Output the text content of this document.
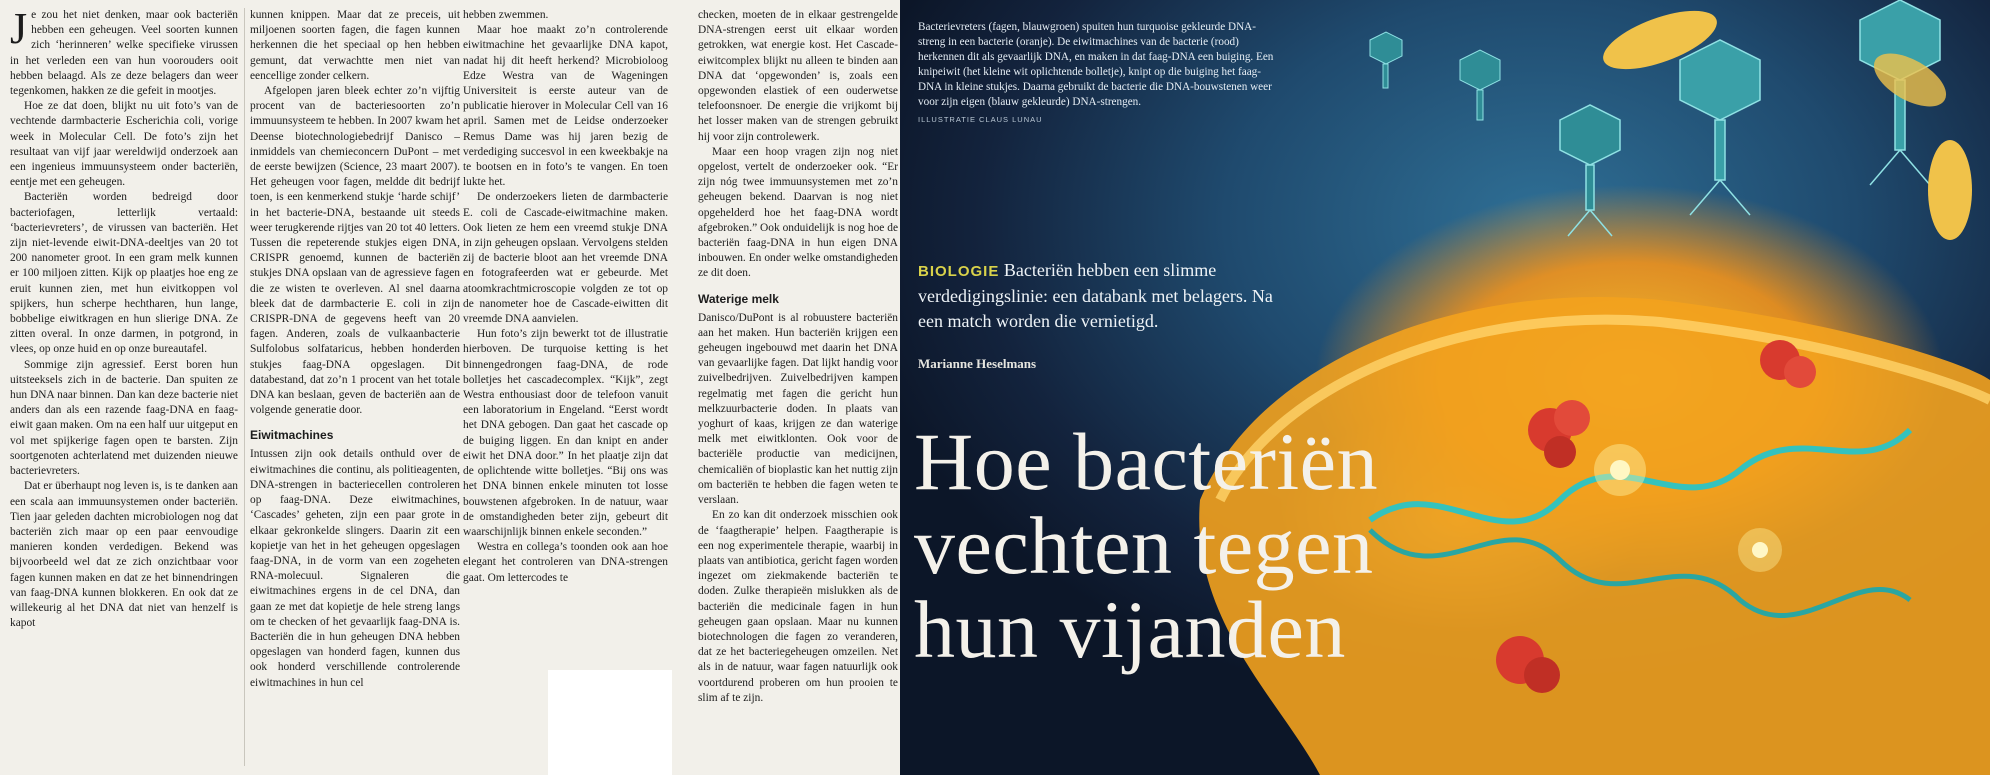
Je zou het niet denken, maar ook bacteriën hebben een geheugen. Veel soorten kunnen zich ‘herinneren’ welke specifieke virussen in het verleden een van hun voorouders ooit hebben belaagd. Als ze deze belagers dan weer tegenkomen, hakken ze die gefeit in mootjes.

Hoe ze dat doen, blijkt nu uit foto’s van de vechtende darmbacterie Escherichia coli, vorige week in Molecular Cell. De foto’s zijn het resultaat van vijf jaar wereldwijd onderzoek aan een ingenieus immuunsysteem onder bacteriën, eentje met een geheugen.

Bacteriën worden bedreigd door bacteriofagen, letterlijk vertaald: ‘bacterievreters’, de virussen van bacteriën. Het zijn niet-levende eiwit-DNA-deeltjes van 20 tot 200 nanometer groot. In een gram melk kunnen er 100 miljoen zitten. Kijk op plaatjes hoe eng ze eruit kunnen zien, met hun eivitkoppen vol spijkers, hun scherpe hechtharen, hun lange, bobbelige eiwitkragen en hun slierige DNA. Ze zitten overal. In onze darmen, in potgrond, in vlees, op onze huid en op onze bureautafel.

Sommige zijn agressief. Eerst boren hun uitsteeksels zich in de bacterie. Dan spuiten ze hun DNA naar binnen. Dan kan deze bacterie niet anders dan als een razende faag-DNA en faag-eiwit gaan maken. Om na een half uur uitgeput en vol met spijkerige fagen open te barsten. Zijn soortgenoten achterlatend met duizenden nieuwe bacterievreters.

Dat er überhaupt nog leven is, is te danken aan een scala aan immuunsystemen onder bacteriën. Tien jaar geleden dachten microbiologen nog dat bacteriën zich maar op een paar eenvoudige manieren konden verdedigen. Bekend was bijvoorbeeld wel dat ze zich onzichtbaar voor fagen kunnen maken en dat ze het binnendringen van faag-DNA kunnen blokkeren. En ook dat ze willekeurig al het DNA dat niet van henzelf is kapot

kunnen knippen. Maar dat ze preceis, uit miljoenen soorten fagen, die fagen kunnen herkennen die het speciaal op hen hebben gemunt, dat verwachtte men niet van eencellige zonder celkern.

Afgelopen jaren bleek echter zo’n vijftig procent van de bacteriesoorten zo’n immuunsysteem te hebben. In 2007 kwam het Deense biotechnologiebedrijf Danisco – inmiddels van chemieconcern DuPont – met de eerste bewijzen (Science, 23 maart 2007). Het geheugen voor fagen, meldde dit bedrijf toen, is een kenmerkend stukje ‘harde schijf’ in het bacterie-DNA, bestaande uit steeds weer terugkerende rijtjes van 20 tot 40 letters. Tussen die repeterende stukjes eigen DNA, CRISPR genoemd, kunnen de bacteriën stukjes DNA opslaan van de agressieve fagen die ze wisten te overleven. Al snel daarna bleek dat de darmbacterie E. coli in zijn CRISPR-DNA de gegevens heeft van 20 fagen. Anderen, zoals de vulkaanbacterie Sulfolobus solfataricus, hebben honderden stukjes faag-DNA opgeslagen. Dit databestand, dat zo’n 1 procent van het totale DNA kan beslaan, geven de bacteriën aan de volgende generatie door.

Eiwitmachines

Intussen zijn ook details onthuld over de eiwitmachines die continu, als politieagenten, DNA-strengen in bacteriecellen controleren op faag-DNA. Deze eiwitmachines, ‘Cascades’ geheten, zijn een paar grote in elkaar gekronkelde slingers. Daarin zit een kopietje van het in het geheugen opgeslagen faag-DNA, in de vorm van een zogeheten RNA-molecuul. Signaleren die eiwitmachines ergens in de cel DNA, dan gaan ze met dat kopietje de hele streng langs om te checken of het gevaarlijk faag-DNA is. Bacteriën die in hun geheugen DNA hebben opgeslagen van honderd fagen, kunnen dus ook honderd verschillende controlerende eiwitmachines in hun cel

hebben zwemmen.

Maar hoe maakt zo’n controlerende eiwitmachine het gevaarlijke DNA kapot, nadat hij dit heeft herkend? Microbioloog Edze Westra van de Wageningen Universiteit is eerste auteur van de publicatie hierover in Molecular Cell van 16 april. Samen met de Leidse onderzoeker Remus Dame was hij jaren bezig de verdediging succesvol in een kweekbakje na te bootsen en in foto’s te vangen. En toen lukte het.

De onderzoekers lieten de darmbacterie E. coli de Cascade-eiwitmachine maken. Ook lieten ze hem een vreemd stukje DNA in zijn geheugen opslaan. Vervolgens stelden zij de bacterie bloot aan het vreemde DNA en fotografeerden wat er gebeurde. Met atoomkrachtmicroscopie volgden ze tot op de nanometer hoe de Cascade-eiwitten dit vreemde DNA aanvielen.

Hun foto’s zijn bewerkt tot de illustratie hierboven. De turquoise ketting is het binnengedrongen faag-DNA, de rode bolletjes het cascadecomplex. “Kijk”, zegt Westra enthousiast door de telefoon vanuit een laboratorium in Engeland. “Eerst wordt het DNA gebogen. Dan gaat het cascade op de buiging liggen. En dan knipt en ander eiwit het DNA door.” In het plaatje zijn dat de oplichtende witte bolletjes. “Bij ons was het DNA binnen enkele minuten tot losse bouwstenen afgebroken. In de natuur, waar de omstandigheden beter zijn, gebeurt dit waarschijnlijk binnen enkele seconden.”

Westra en collega’s toonden ook aan hoe elegant het controleren van DNA-strengen gaat. Om lettercodes te

checken, moeten de in elkaar gestrengelde DNA-strengen eerst uit elkaar worden getrokken, wat energie kost. Het Cascade-eiwitcomplex blijkt nu alleen te binden aan DNA dat ‘opgewonden’ is, zoals een opgewonden elastiek of een ouderwetse telefoonsnoer. De energie die vrijkomt bij het losser maken van de strengen gebruikt hij voor zijn controlewerk.

Maar een hoop vragen zijn nog niet opgelost, vertelt de onderzoeker ook. “Er zijn nóg twee immuunsystemen met zo’n geheugen bekend. Daarvan is nog niet opgehelderd hoe het faag-DNA wordt afgebroken.” Ook onduidelijk is nog hoe de bacteriën faag-DNA in hun eigen DNA inbouwen. En onder welke omstandigheden ze dit doen.

Waterige melk

Danisco/DuPont is al robuustere bacteriën aan het maken. Hun bacteriën krijgen een geheugen ingebouwd met daarin het DNA van gevaarlijke fagen. Dat lijkt handig voor zuivelbedrijven. Zuivelbedrijven kampen regelmatig met fagen die gericht hun melkzuurbacterie doden. In plaats van yoghurt of kaas, krijgen ze dan waterige melk met eiwitklonten. Ook voor de bacteriële productie van medicijnen, chemicaliën of bioplastic kan het nuttig zijn om bacteriën te hebben die fagen weten te verslaan.

En zo kan dit onderzoek misschien ook de ‘faagtherapie’ helpen. Faagtherapie is een nog experimentele therapie, waarbij in plaats van antibiotica, gericht fagen worden ingezet om ziekmakende bacteriën te doden. Zulke therapieën mislukken als de bacteriën die medicinale fagen in hun geheugen gaan opslaan. Maar nu kunnen biotechnologen die fagen zo veranderen, dat ze het bacteriegeheugen omzeilen. Net als in de natuur, waar fagen natuurlijk ook voortdurend proberen om hun prooien te slim af te zijn.

Bacterievreters (fagen, blauwgroen) spuiten hun turquoise gekleurde DNA-streng in een bacterie (oranje). De eiwitmachines van de bacterie (rood) herkennen dit als gevaarlijk DNA, en maken in dat faag-DNA een buiging. Een knipeiwit (het kleine wit oplichtende bolletje), knipt op die buiging het faag-DNA in kleine stukjes. Daarna gebruikt de bacterie die DNA-bouwstenen weer voor zijn eigen (blauw gekleurde) DNA-strengen.
ILLUSTRATIE CLAUS LUNAU
BIOLOGIE Bacteriën hebben een slimme verdedigingslinie: een databank met belagers. Na een match worden die vernietigd.
Marianne Heselmans
Hoe bacteriën
vechten tegen
hun vijanden
